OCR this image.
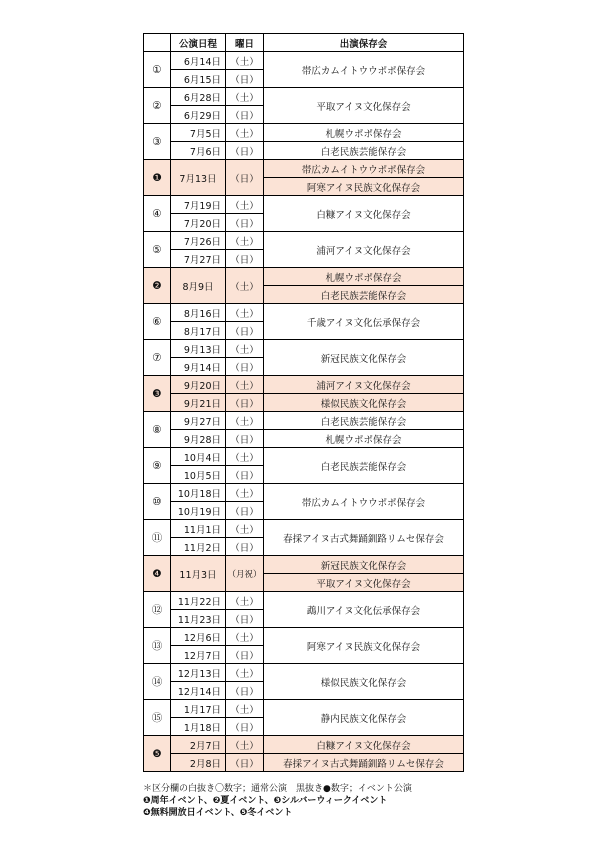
	公演日程	曜日	出演保存会
①	6月14日	（土）	帯広カムイトウウポポ保存会
	6月15日	（日）	
②	6月28日	（土）	平取アイヌ文化保存会
	6月29日	（日）	
③	7月5日	（土）	札幌ウポポ保存会
	7月6日	（日）	白老民族芸能保存会
❶	7月13日	（日）	帯広カムイトウウポポ保存会
			阿寒アイヌ民族文化保存会
④	7月19日	（土）	白糠アイヌ文化保存会
	7月20日	（日）	
⑤	7月26日	（土）	浦河アイヌ文化保存会
	7月27日	（日）	
❷	8月9日	（土）	札幌ウポポ保存会
			白老民族芸能保存会
⑥	8月16日	（土）	千歳アイヌ文化伝承保存会
	8月17日	（日）	
⑦	9月13日	（土）	新冠民族文化保存会
	9月14日	（日）	
❸	9月20日	（土）	浦河アイヌ文化保存会
	9月21日	（日）	様似民族文化保存会
⑧	9月27日	（土）	白老民族芸能保存会
	9月28日	（日）	札幌ウポポ保存会
⑨	10月4日	（土）	白老民族芸能保存会
	10月5日	（日）	
⑩	10月18日	（土）	帯広カムイトウウポポ保存会
	10月19日	（日）	
⑪	11月1日	（土）	春採アイヌ古式舞踊釧路リムセ保存会
	11月2日	（日）	
❹	11月3日	（月祝）	新冠民族文化保存会
			平取アイヌ文化保存会
⑫	11月22日	（土）	鵡川アイヌ文化伝承保存会
	11月23日	（日）	
⑬	12月6日	（土）	阿寒アイヌ民族文化保存会
	12月7日	（日）	
⑭	12月13日	（土）	様似民族文化保存会
	12月14日	（日）	
⑮	1月17日	（土）	静内民族文化保存会
	1月18日	（日）	
❺	2月7日	（土）	白糠アイヌ文化保存会
	2月8日	（日）	春採アイヌ古式舞踊釧路リムセ保存会
＊区分欄の白抜き〇数字；通常公演　黒抜き●数字；イベント公演
❶周年イベント、❷夏イベント、❸シルバーウィークイベント
❹無料開放日イベント、❺冬イベント
